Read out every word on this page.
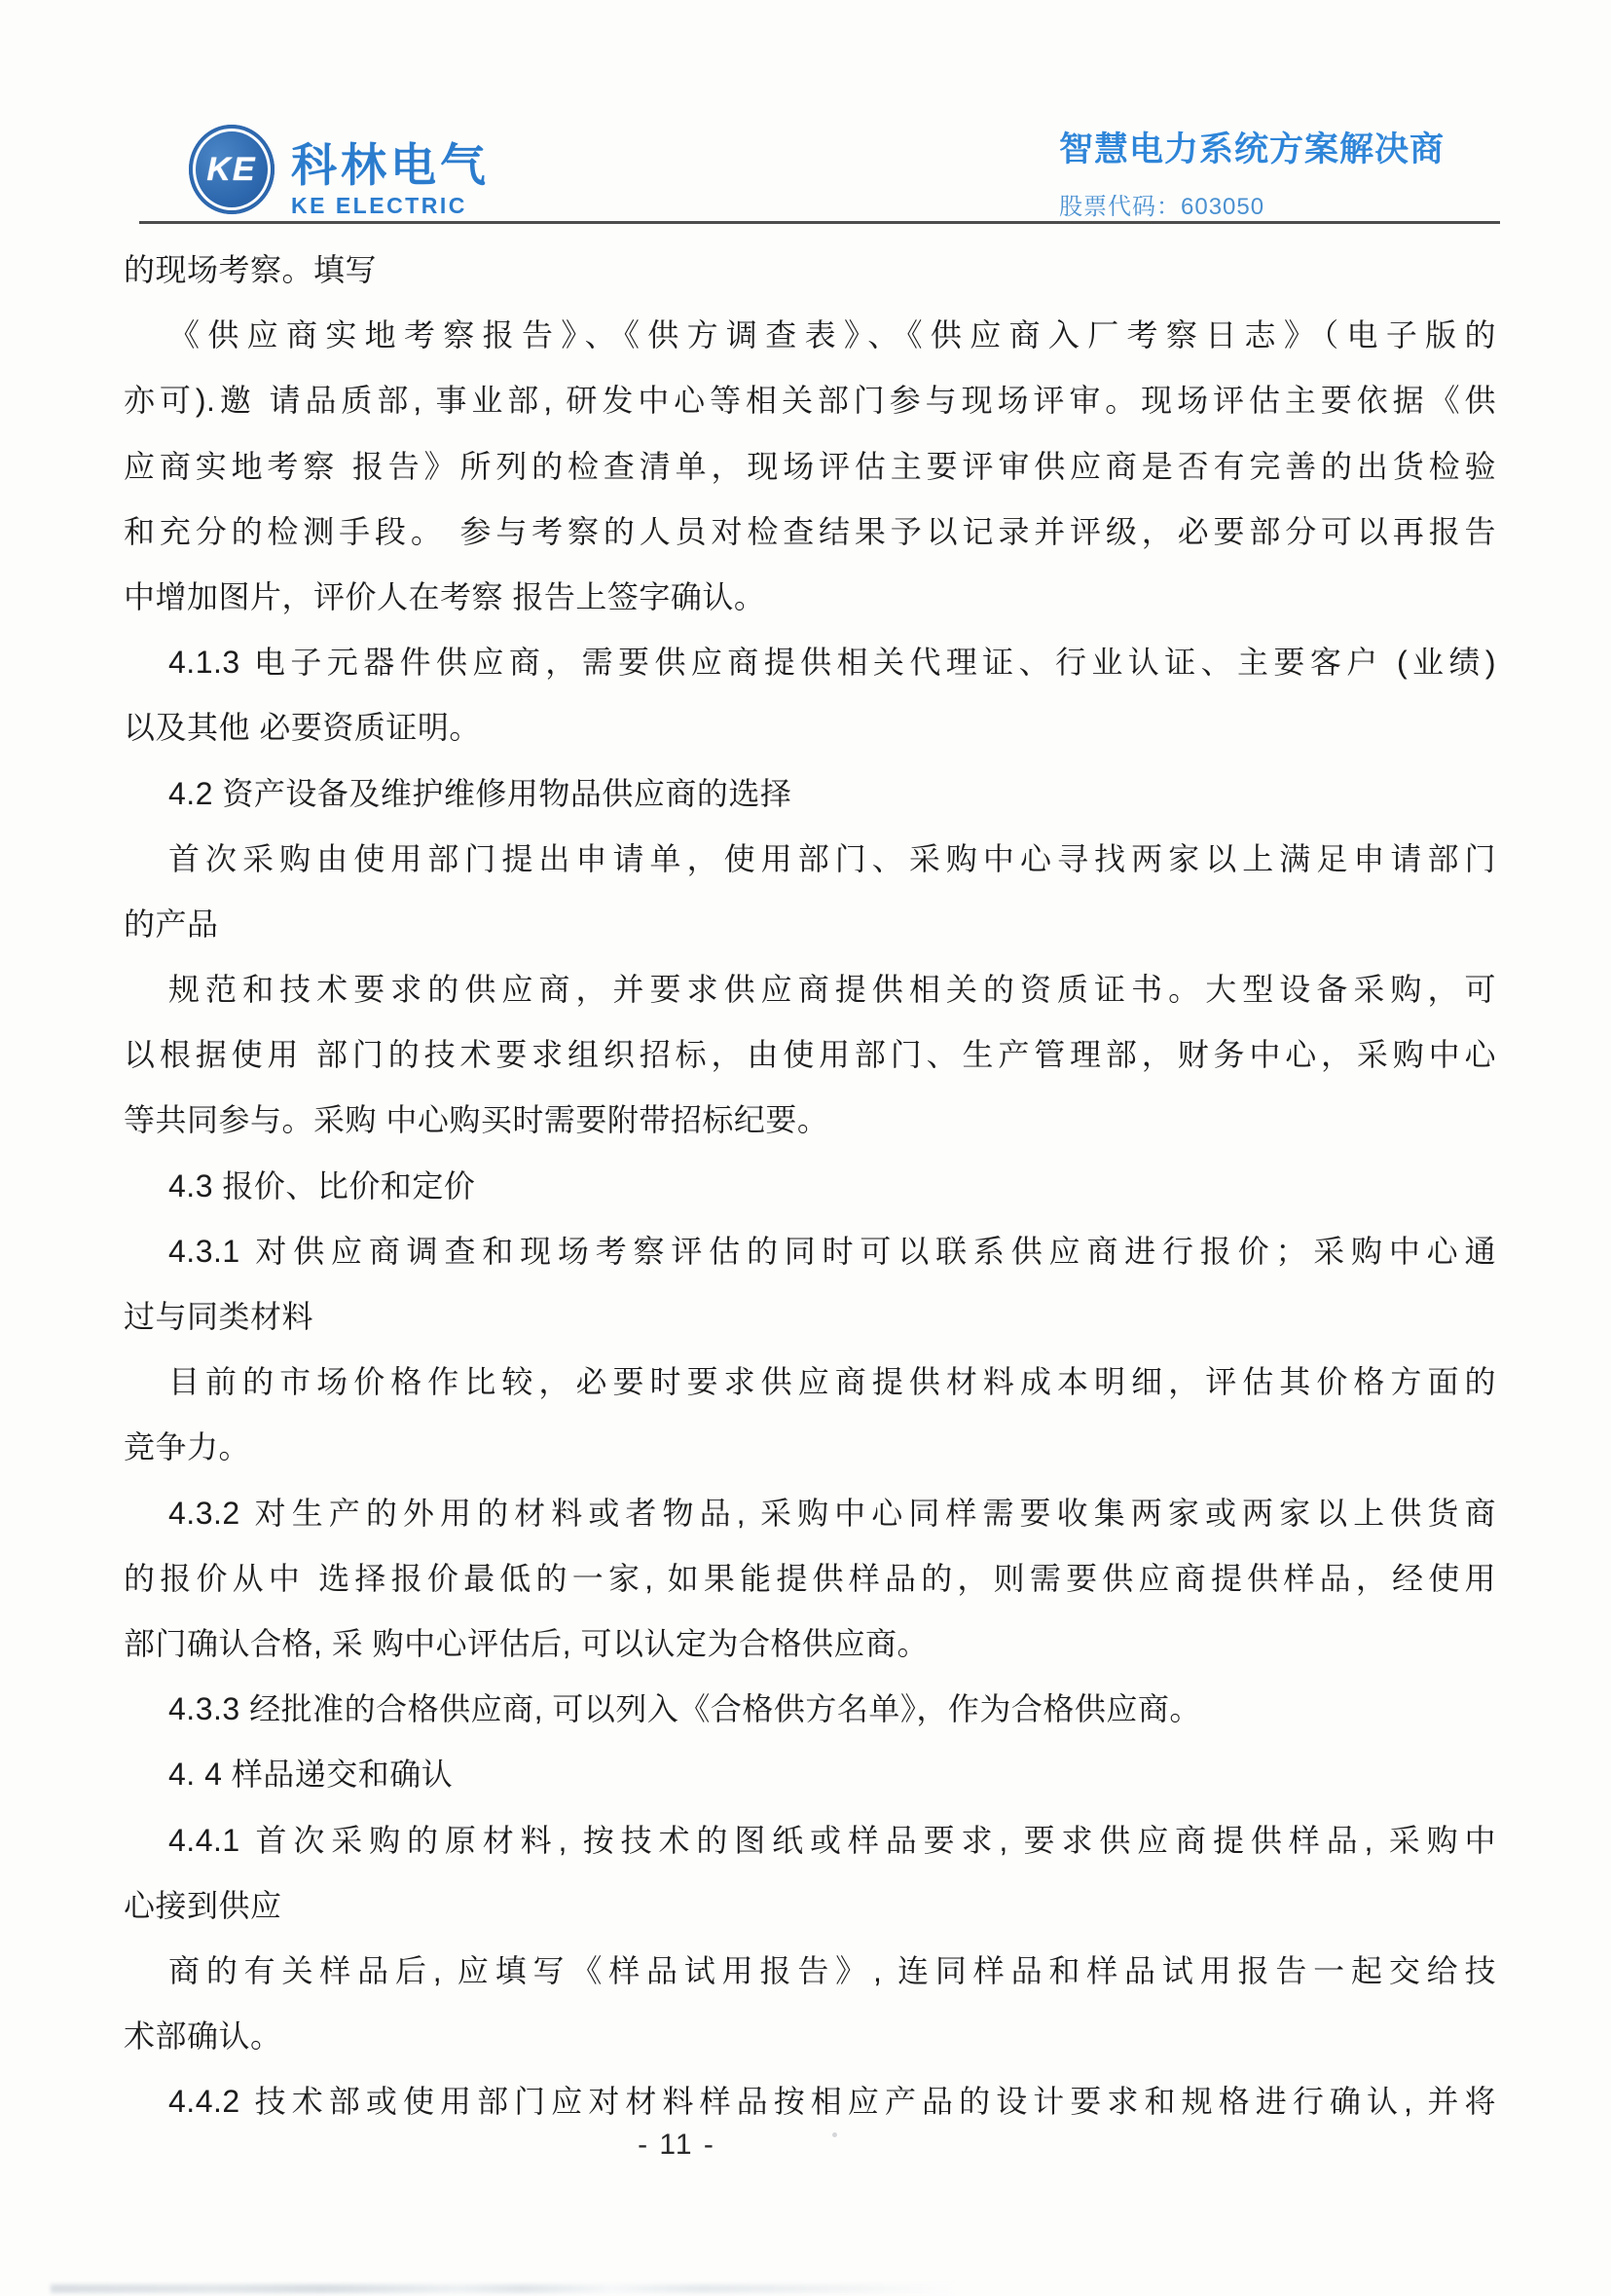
KE 科林电气
KE ELECTRIC
智慧电力系统方案解决商
股票代码：603050
的现场考察。填写
《供应商实地考察报告》、《供方调查表》、《供应商入厂考察日志》（电子版的
亦可).邀 请品质部, 事业部, 研发中心等相关部门参与现场评审。现场评估主要依据《供
应商实地考察 报告》所列的检查清单，现场评估主要评审供应商是否有完善的出货检验
和充分的检测手段。 参与考察的人员对检查结果予以记录并评级，必要部分可以再报告
中增加图片，评价人在考察 报告上签字确认。
4.1.3 电子元器件供应商，需要供应商提供相关代理证、行业认证、主要客户 (业绩)
以及其他 必要资质证明。
4.2 资产设备及维护维修用物品供应商的选择
首次采购由使用部门提出申请单，使用部门、采购中心寻找两家以上满足申请部门
的产品
规范和技术要求的供应商，并要求供应商提供相关的资质证书。大型设备采购，可
以根据使用 部门的技术要求组织招标，由使用部门、生产管理部，财务中心，采购中心
等共同参与。采购 中心购买时需要附带招标纪要。
4.3 报价、比价和定价
4.3.1 对供应商调查和现场考察评估的同时可以联系供应商进行报价；采购中心通
过与同类材料
目前的市场价格作比较，必要时要求供应商提供材料成本明细，评估其价格方面的
竞争力。
4.3.2 对生产的外用的材料或者物品, 采购中心同样需要收集两家或两家以上供货商
的报价从中 选择报价最低的一家, 如果能提供样品的，则需要供应商提供样品，经使用
部门确认合格, 采 购中心评估后, 可以认定为合格供应商。
4.3.3 经批准的合格供应商, 可以列入《合格供方名单》，作为合格供应商。
4. 4 样品递交和确认
4.4.1 首次采购的原材料, 按技术的图纸或样品要求, 要求供应商提供样品, 采购中
心接到供应
商的有关样品后, 应填写《样品试用报告》, 连同样品和样品试用报告一起交给技
术部确认。
4.4.2 技术部或使用部门应对材料样品按相应产品的设计要求和规格进行确认, 并将
- 11 -
